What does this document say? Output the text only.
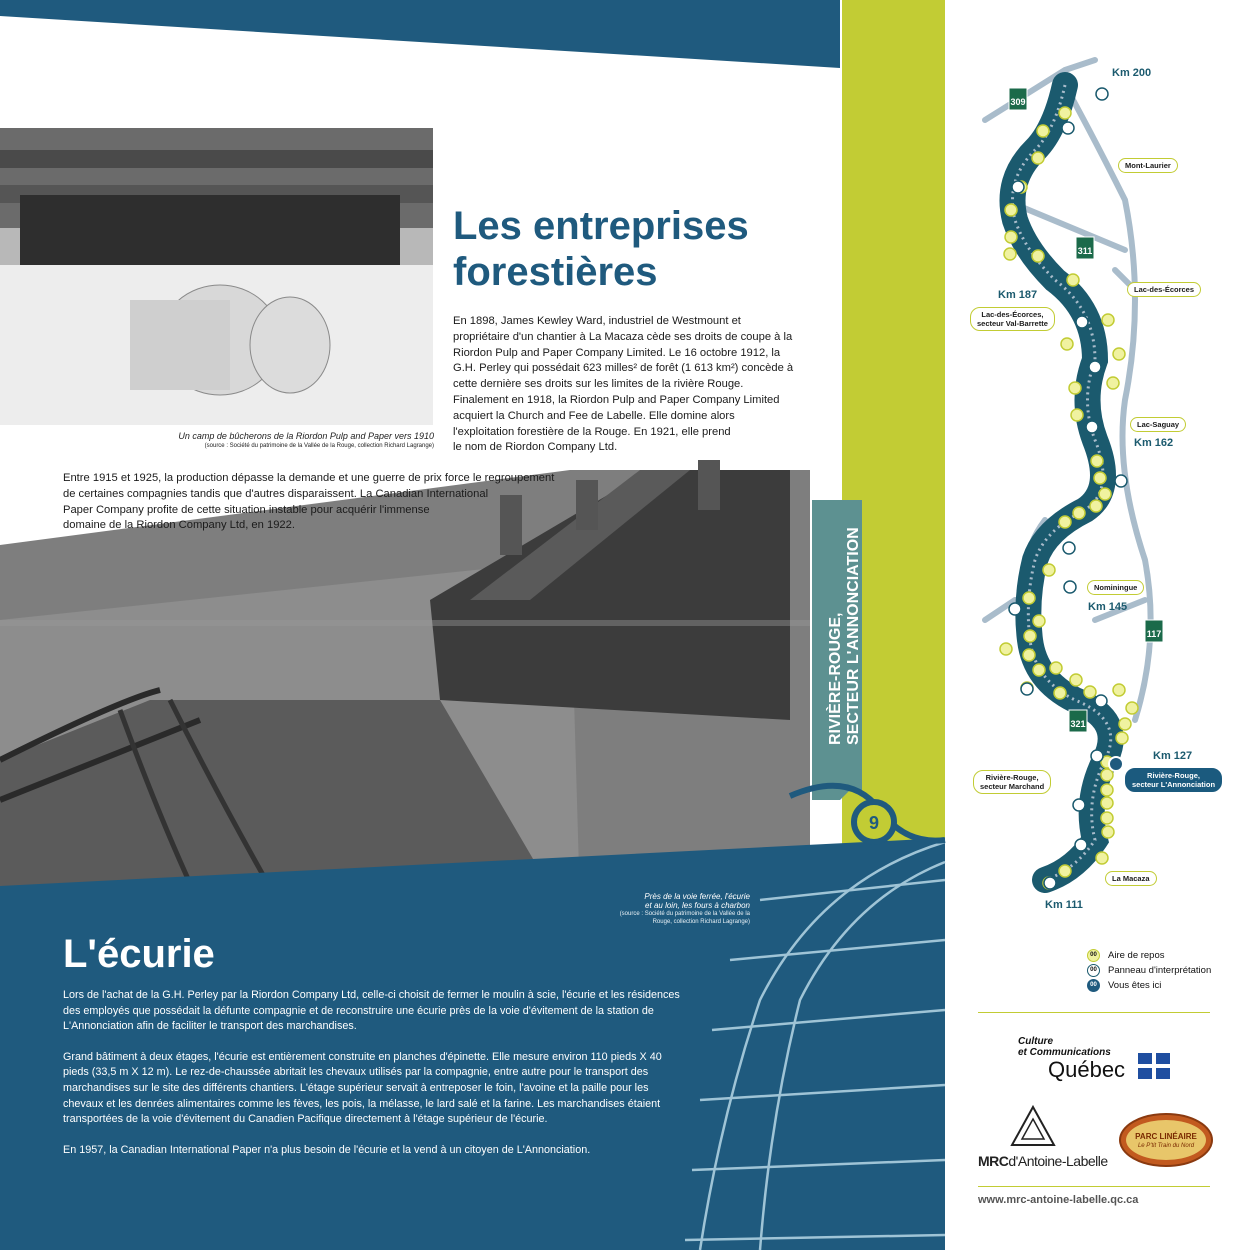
Les entreprises
forestières
En 1898, James Kewley Ward, industriel de Westmount et
propriétaire d'un chantier à La Macaza cède ses droits de coupe à la
Riordon Pulp and Paper Company Limited. Le 16 octobre 1912, la
G.H. Perley qui possédait 623 milles² de forêt (1 613 km²) concède à
cette dernière ses droits sur les limites de la rivière Rouge.
Finalement en 1918, la Riordon Pulp and Paper Company Limited
acquiert la Church and Fee de Labelle. Elle domine alors
l'exploitation forestière de la Rouge. En 1921, elle prend
le nom de Riordon Company Ltd.
Un camp de bûcherons de la Riordon Pulp and Paper vers 1910
(source : Société du patrimoine de la Vallée de la Rouge, collection Richard Lagrange)
Entre 1915 et 1925, la production dépasse la demande et une guerre de prix force le regroupement
de certaines compagnies tandis que d'autres disparaissent. La Canadian International
Paper Company profite de cette situation instable pour acquérir l'immense
domaine de la Riordon Company Ltd, en 1922.
Près de la voie ferrée, l'écurie
et au loin, les fours à charbon
(source : Société du patrimoine de la Vallée de la Rouge, collection Richard Lagrange)
L'écurie

Lors de l'achat de la G.H. Perley par la Riordon Company Ltd, celle-ci choisit de fermer le moulin à scie, l'écurie et les résidences des employés que possédait la défunte compagnie et de reconstruire une écurie près de la voie d'évitement de la station de L'Annonciation afin de faciliter le transport des marchandises.

Grand bâtiment à deux étages, l'écurie est entièrement construite en planches d'épinette. Elle mesure environ 110 pieds X 40 pieds (33,5 m X 12 m). Le rez-de-chaussée abritait les chevaux utilisés par la compagnie, entre autre pour le transport des marchandises sur le site des différents chantiers. L'étage supérieur servait à entreposer le foin, l'avoine et la paille pour les chevaux et les denrées alimentaires comme les fèves, les pois, la mélasse, le lard salé et la farine. Les marchandises étaient transportées de la voie d'évitement du Canadien Pacifique directement à l'étage supérieur de l'écurie.

En 1957, la Canadian International Paper n'a plus besoin de l'écurie et la vend à un citoyen de L'Annonciation.

RIVIÈRE-ROUGE, SECTEUR L'ANNONCIATION
9
309
311
117
321
Km 200
Km 187
Km 162
Km 145
Km 127
Km 111
Mont-Laurier
Lac-des-Écorces
Lac-des-Écorces,
secteur Val-Barrette
Lac-Saguay
Nominingue
Rivière-Rouge,
secteur Marchand
Rivière-Rouge,
secteur L'Annonciation
La Macaza
00	Aire de repos
00	Panneau d'interprétation
00	Vous êtes ici
Culture
et Communications
Québec
MRCd'Antoine-Labelle
PARC LINÉAIRE
Le P'tit Train du Nord
www.mrc-antoine-labelle.qc.ca
